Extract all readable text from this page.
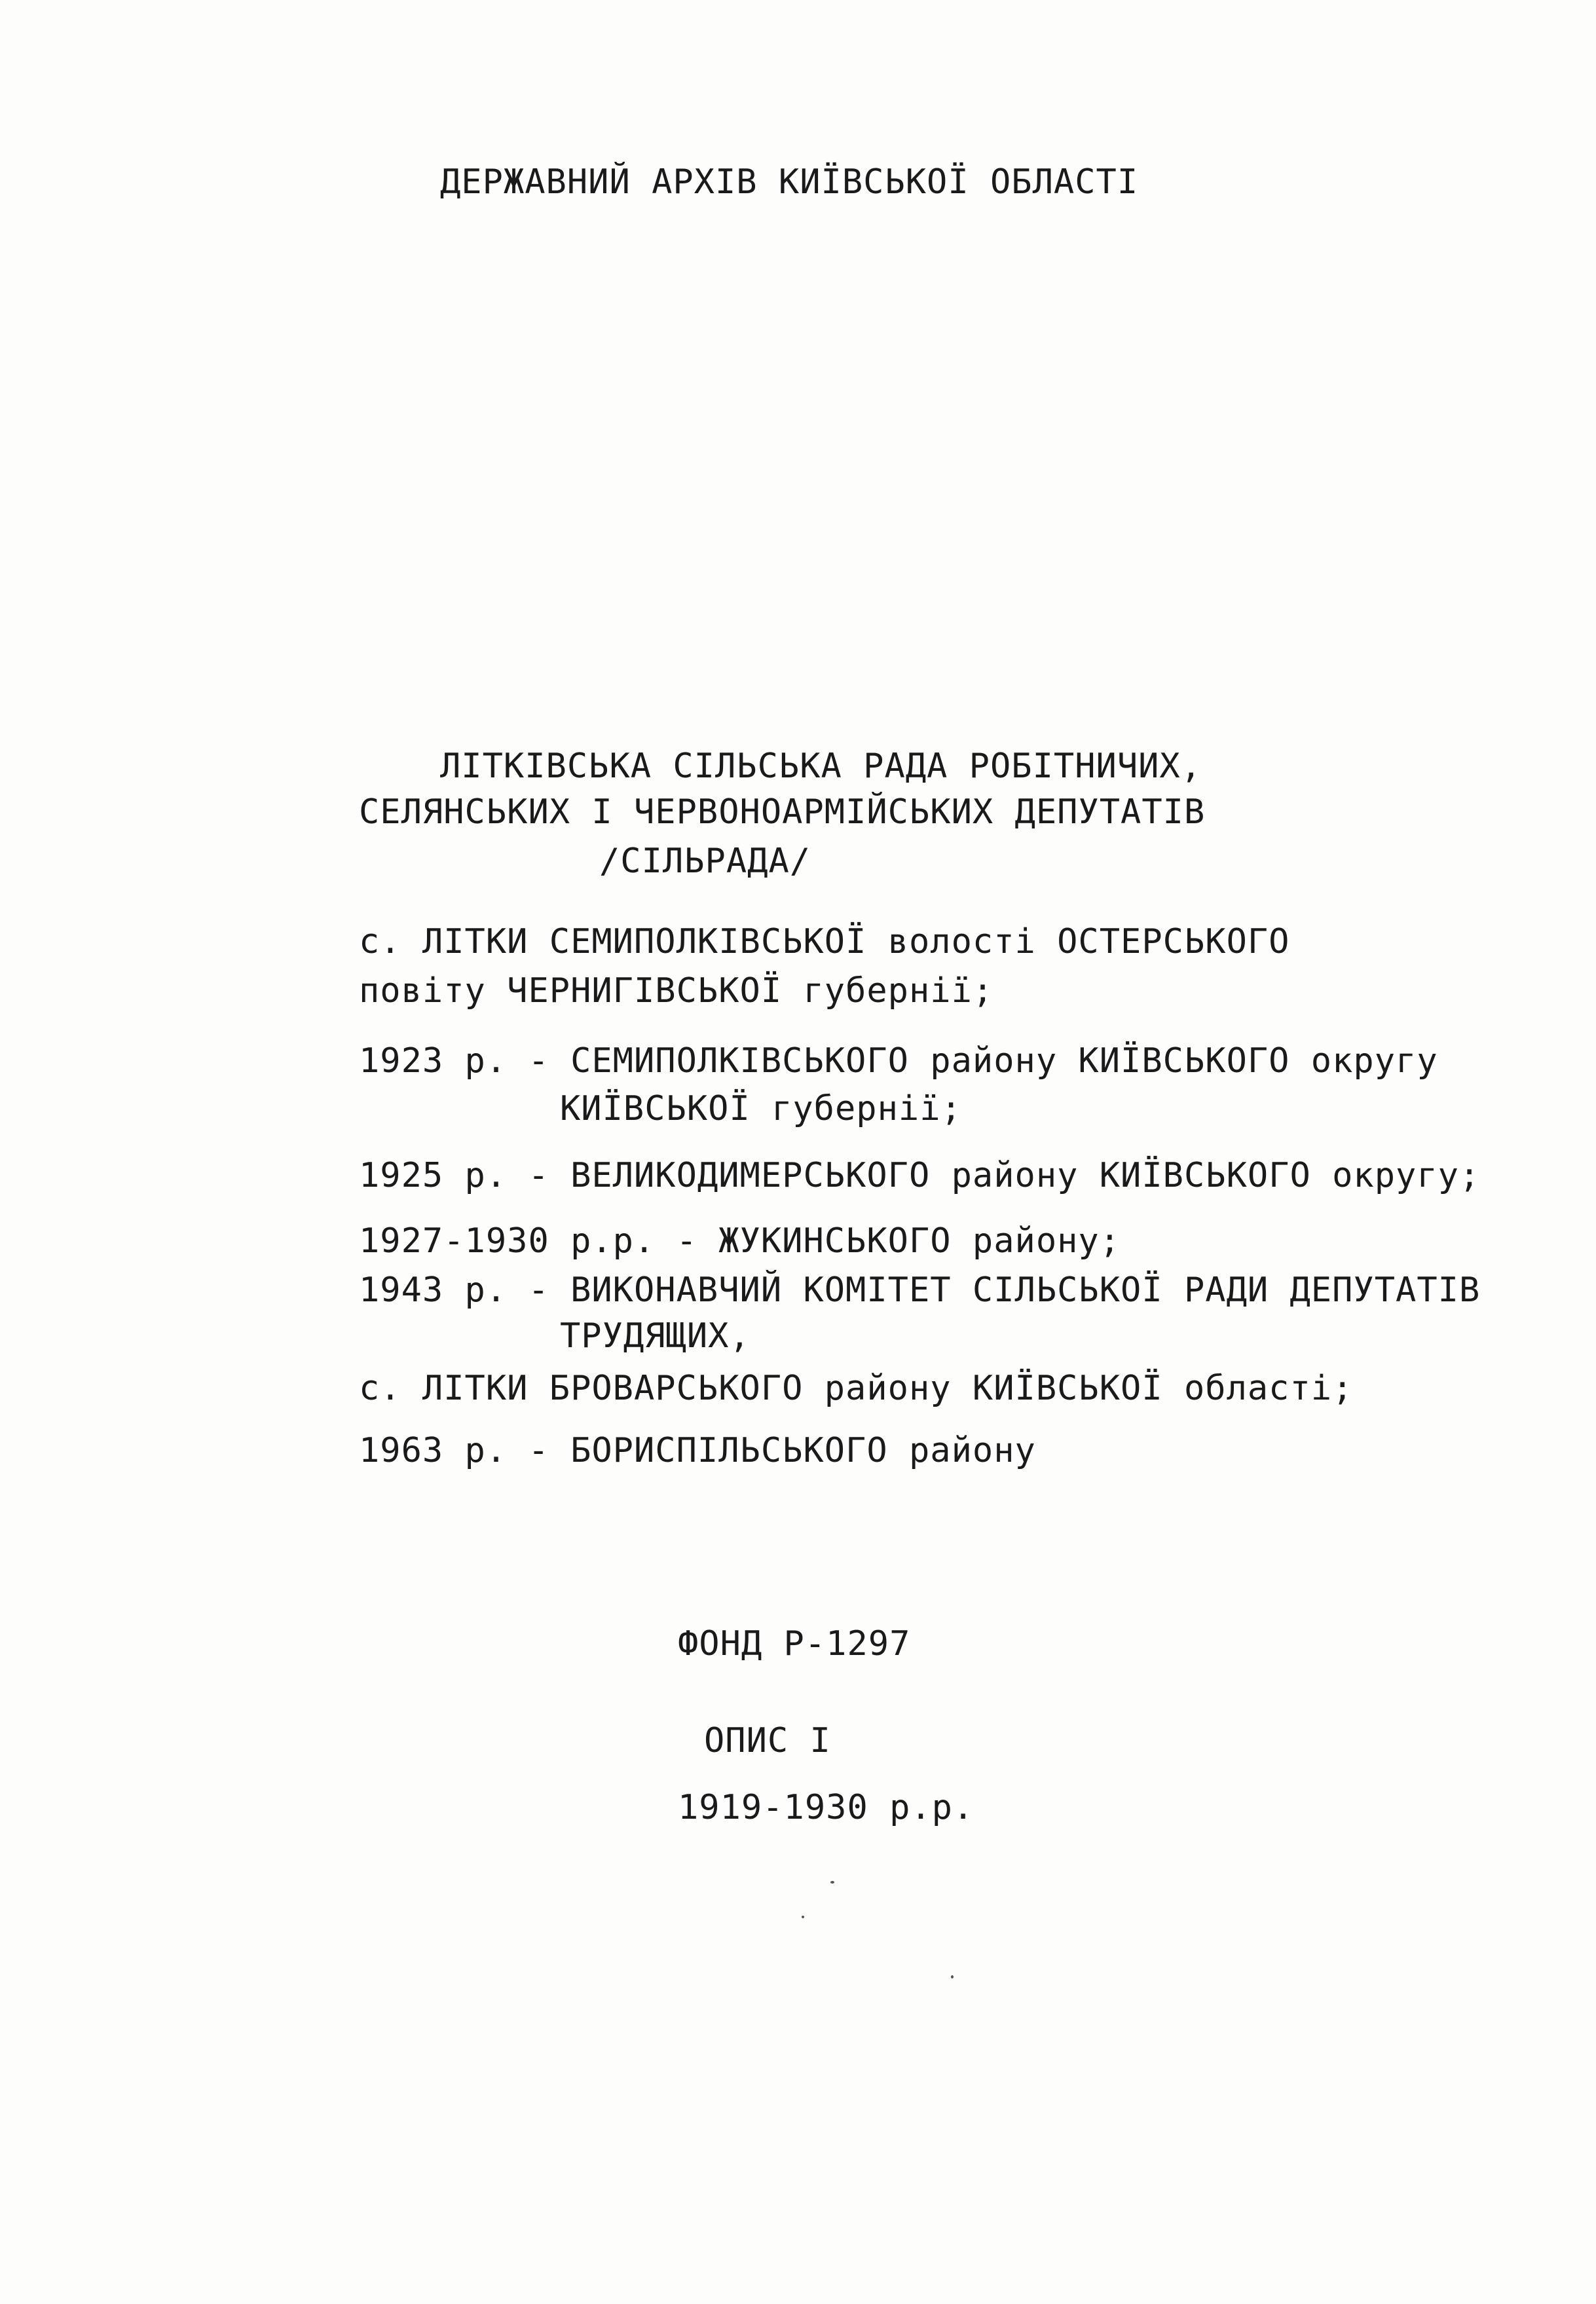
ДЕРЖАВНИЙ АРХІВ КИЇВСЬКОЇ ОБЛАСТІ
ЛІТКІВСЬКА СІЛЬСЬКА РАДА РОБІТНИЧИХ,
СЕЛЯНСЬКИХ І ЧЕРВОНОАРМІЙСЬКИХ ДЕПУТАТІВ
/СІЛЬРАДА/
с. ЛІТКИ СЕМИПОЛКІВСЬКОЇ волості ОСТЕРСЬКОГО
повіту ЧЕРНИГІВСЬКОЇ губернії;
1923 р. - СЕМИПОЛКІВСЬКОГО району КИЇВСЬКОГО округу
КИЇВСЬКОЇ губернії;
1925 р. - ВЕЛИКОДИМЕРСЬКОГО району КИЇВСЬКОГО округу;
1927-1930 р.р. - ЖУКИНСЬКОГО району;
1943 р. - ВИКОНАВЧИЙ КОМІТЕТ СІЛЬСЬКОЇ РАДИ ДЕПУТАТІВ
ТРУДЯЩИХ,
с. ЛІТКИ БРОВАРСЬКОГО району КИЇВСЬКОЇ області;
1963 р. - БОРИСПІЛЬСЬКОГО району
ФОНД Р-1297
ОПИС І
1919-1930 р.р.
